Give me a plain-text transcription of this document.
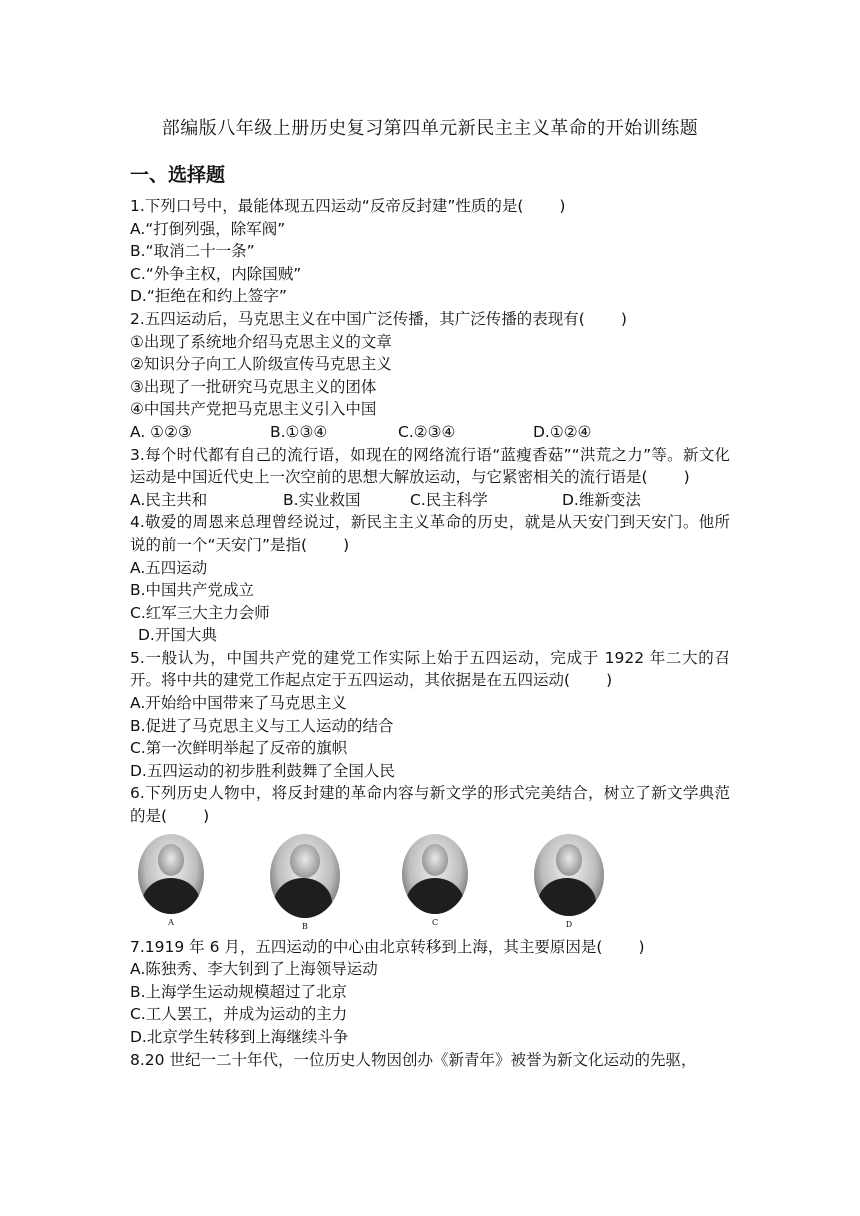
部编版八年级上册历史复习第四单元新民主主义革命的开始训练题
一、选择题
1.下列口号中，最能体现五四运动“反帝反封建”性质的是( )
A.“打倒列强，除军阀”
B.“取消二十一条”
C.“外争主权，内除国贼”
D.“拒绝在和约上签字”
2.五四运动后，马克思主义在中国广泛传播，其广泛传播的表现有( )
①出现了系统地介绍马克思主义的文章
②知识分子向工人阶级宣传马克思主义
③出现了一批研究马克思主义的团体
④中国共产党把马克思主义引入中国
A. ①②③	B.①③④	C.②③④	D.①②④
3.每个时代都有自己的流行语，如现在的网络流行语“蓝瘦香菇”“洪荒之力”等。新文化运动是中国近代史上一次空前的思想大解放运动，与它紧密相关的流行语是( )
A.民主共和	B.实业救国	C.民主科学	D.维新变法
4.敬爱的周恩来总理曾经说过，新民主主义革命的历史，就是从天安门到天安门。他所说的前一个“天安门”是指( )
A.五四运动
B.中国共产党成立
C.红军三大主力会师
D.开国大典
5.一般认为，中国共产党的建党工作实际上始于五四运动，完成于 1922 年二大的召开。将中共的建党工作起点定于五四运动，其依据是在五四运动( )
A.开始给中国带来了马克思主义
B.促进了马克思主义与工人运动的结合
C.第一次鲜明举起了反帝的旗帜
D.五四运动的初步胜利鼓舞了全国人民
6.下列历史人物中，将反封建的革命内容与新文学的形式完美结合，树立了新文学典范的是( )
A	B	C	D
7.1919 年 6 月，五四运动的中心由北京转移到上海，其主要原因是( )
A.陈独秀、李大钊到了上海领导运动
B.上海学生运动规模超过了北京
C.工人罢工，并成为运动的主力
D.北京学生转移到上海继续斗争
8.20 世纪一二十年代，一位历史人物因创办《新青年》被誉为新文化运动的先驱，
